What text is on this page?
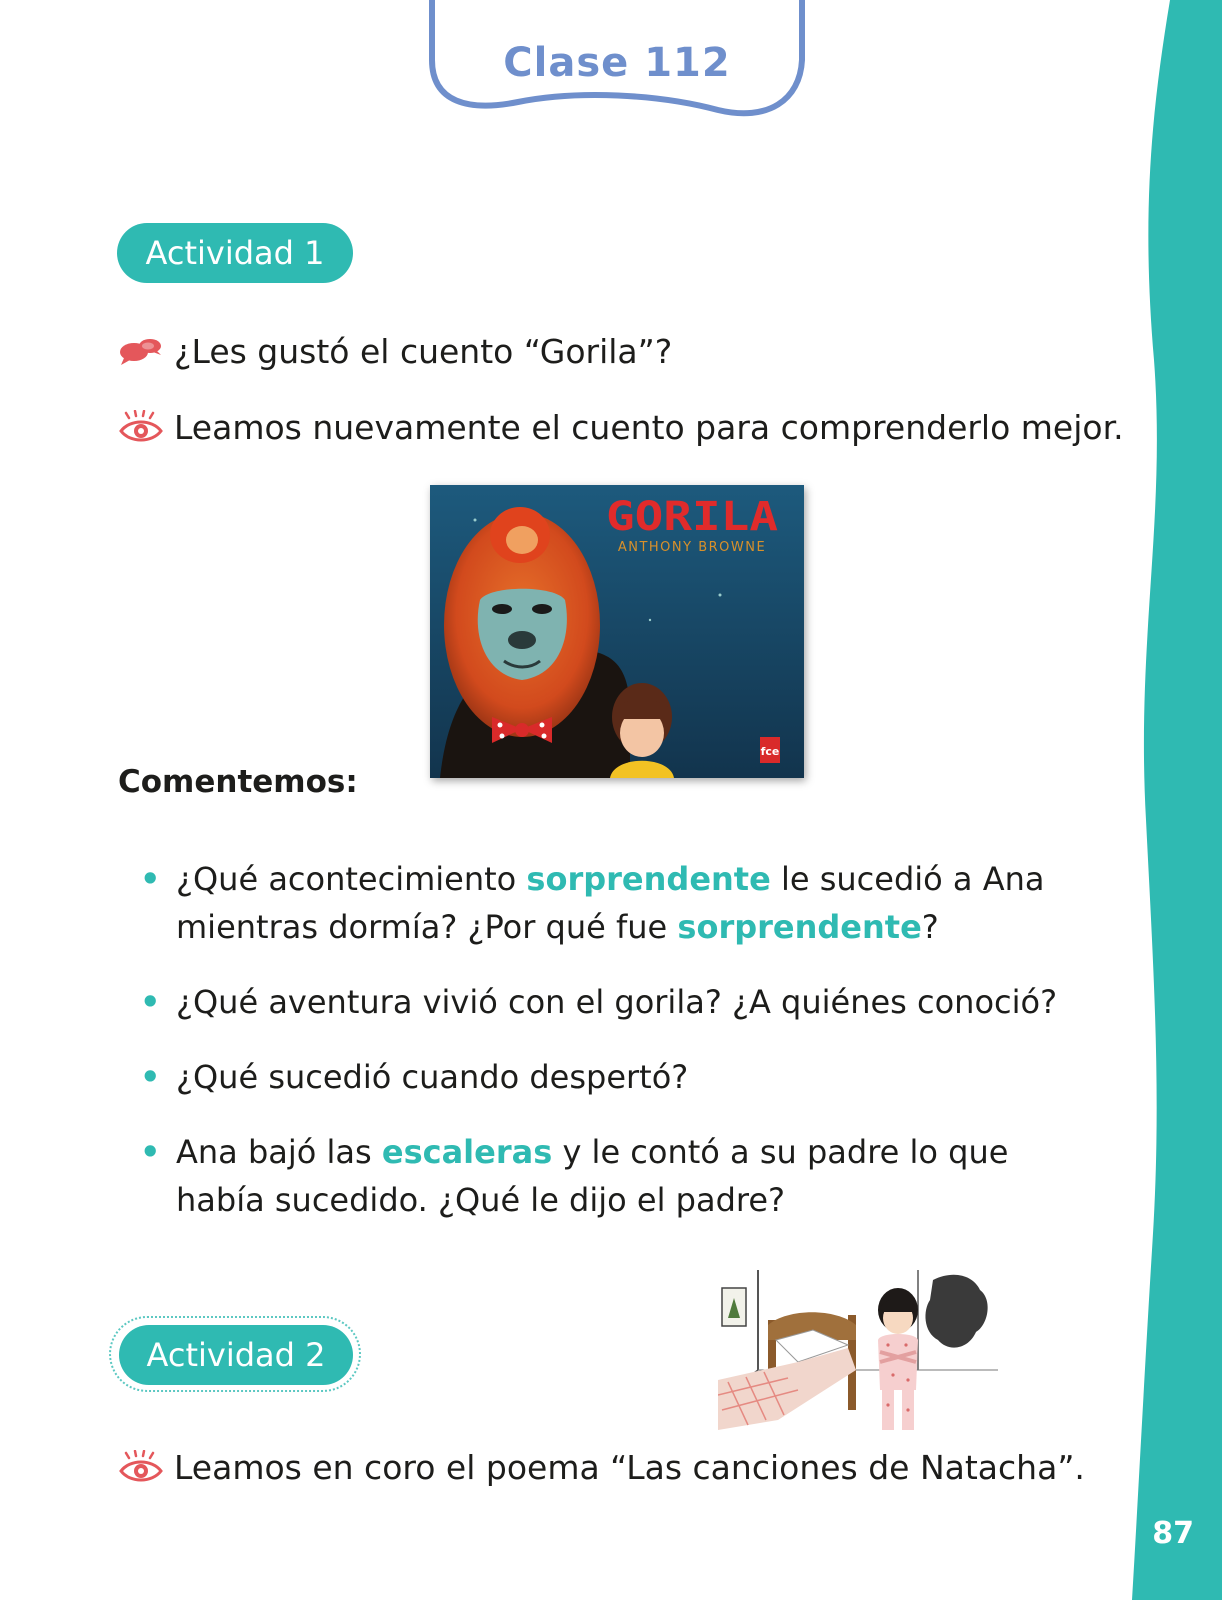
87
Clase 112
Actividad 1
¿Les gustó el cuento “Gorila”?
Leamos nuevamente el cuento para comprenderlo mejor.
fce
GORILA
ANTHONY BROWNE
Comentemos:
• ¿Qué acontecimiento sorprendente le sucedió a Ana mientras dormía? ¿Por qué fue sorprendente?
• ¿Qué aventura vivió con el gorila? ¿A quiénes conoció?
• ¿Qué sucedió cuando despertó?
• Ana bajó las escaleras y le contó a su padre lo que había sucedido. ¿Qué le dijo el padre?
Actividad 2
Leamos en coro el poema “Las canciones de Natacha”.
